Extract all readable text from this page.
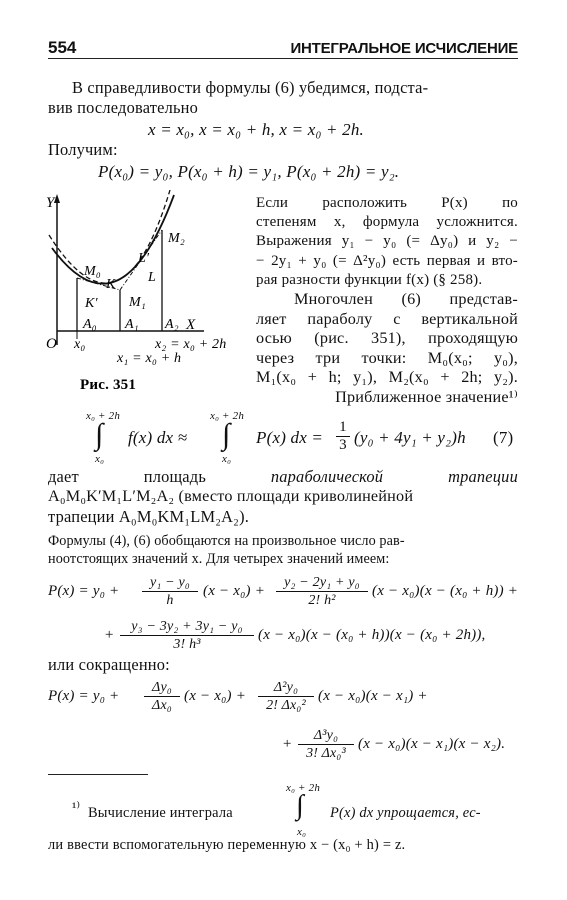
554	ИНТЕГРАЛЬНОЕ ИСЧИСЛЕНИЕ
В справедливости формулы (6) убедимся, подста-
вив последовательно
x = x₀, x = x₀ + h, x = x₀ + 2h.
Получим:
P(x₀) = y₀, P(x₀ + h) = y₁, P(x₀ + 2h) = y₂.
Y
X
O
M₀
M₁
M₂
K
K′
L
L′
A₀ A₁ A₂
x₀	x₂ = x₀ + 2h
x₁ = x₀ + h
Рис. 351
Если расположить P(x) по
степеням x, формула усложнится.
Выражения y₁ − y₀ (= Δy₀) и y₂ −
− 2y₁ + y₀ (= Δ²y₀) есть первая и вто-
рая разности функции f(x) (§ 258).
Многочлен (6) представ-
ляет параболу с вертикальной
осью (рис. 351), проходящую
через три точки: M₀(x₀; y₀),
M₁(x₀ + h; y₁), M₂(x₀ + 2h; y₂).
Приближенное значение¹⁾
x₀ + 2h
∫
x₀
f(x) dx ≈
x₀ + 2h
∫
x₀
P(x) dx = $\frac{1}{3} (y_0 + 4y_1 + y_2)h$ (7)
дает	площадь	параболической	трапеции
A₀M₀K′M₁L′M₂A₂ (вместо площади криволинейной
трапеции A₀M₀KM₁LM₂A₂).
Формулы (4), (6) обобщаются на произвольное число рав-
ноотстоящих значений x. Для четырех значений имеем:
$P(x) = y_0 + \frac{\text{y₁ − y₀}}{h} (x - x_0) + \frac{\text{y₂ − 2y₁ + y₀}}{\text{2! h²}} (x - x_0)(x - (x_0 + h))$ +
+ $\frac{\text{y₃ − 3y₂ + 3y₁ − y₀}}{\text{3! h³}} (x - x_0)(x - (x_0 + h))(x - (x_0 + 2h))$,
или сокращенно:
$P(x) = y_0 + \frac{\text{Δy₀}}{\text{Δx₀}} (x - x_0) + \frac{\text{Δ²y₀}}{\text{2! Δx₀²}} (x - x_0)(x - x_1)$ +
+ $\frac{\text{Δ³y₀}}{\text{3! Δx₀³}} (x - x_0)(x - x_1)(x - x_2)$.
¹⁾ Вычисление интеграла
x₀ + 2h
∫
x₀
P(x) dx упрощается, ес-
ли ввести вспомогательную переменную x − (x₀ + h) = z.
